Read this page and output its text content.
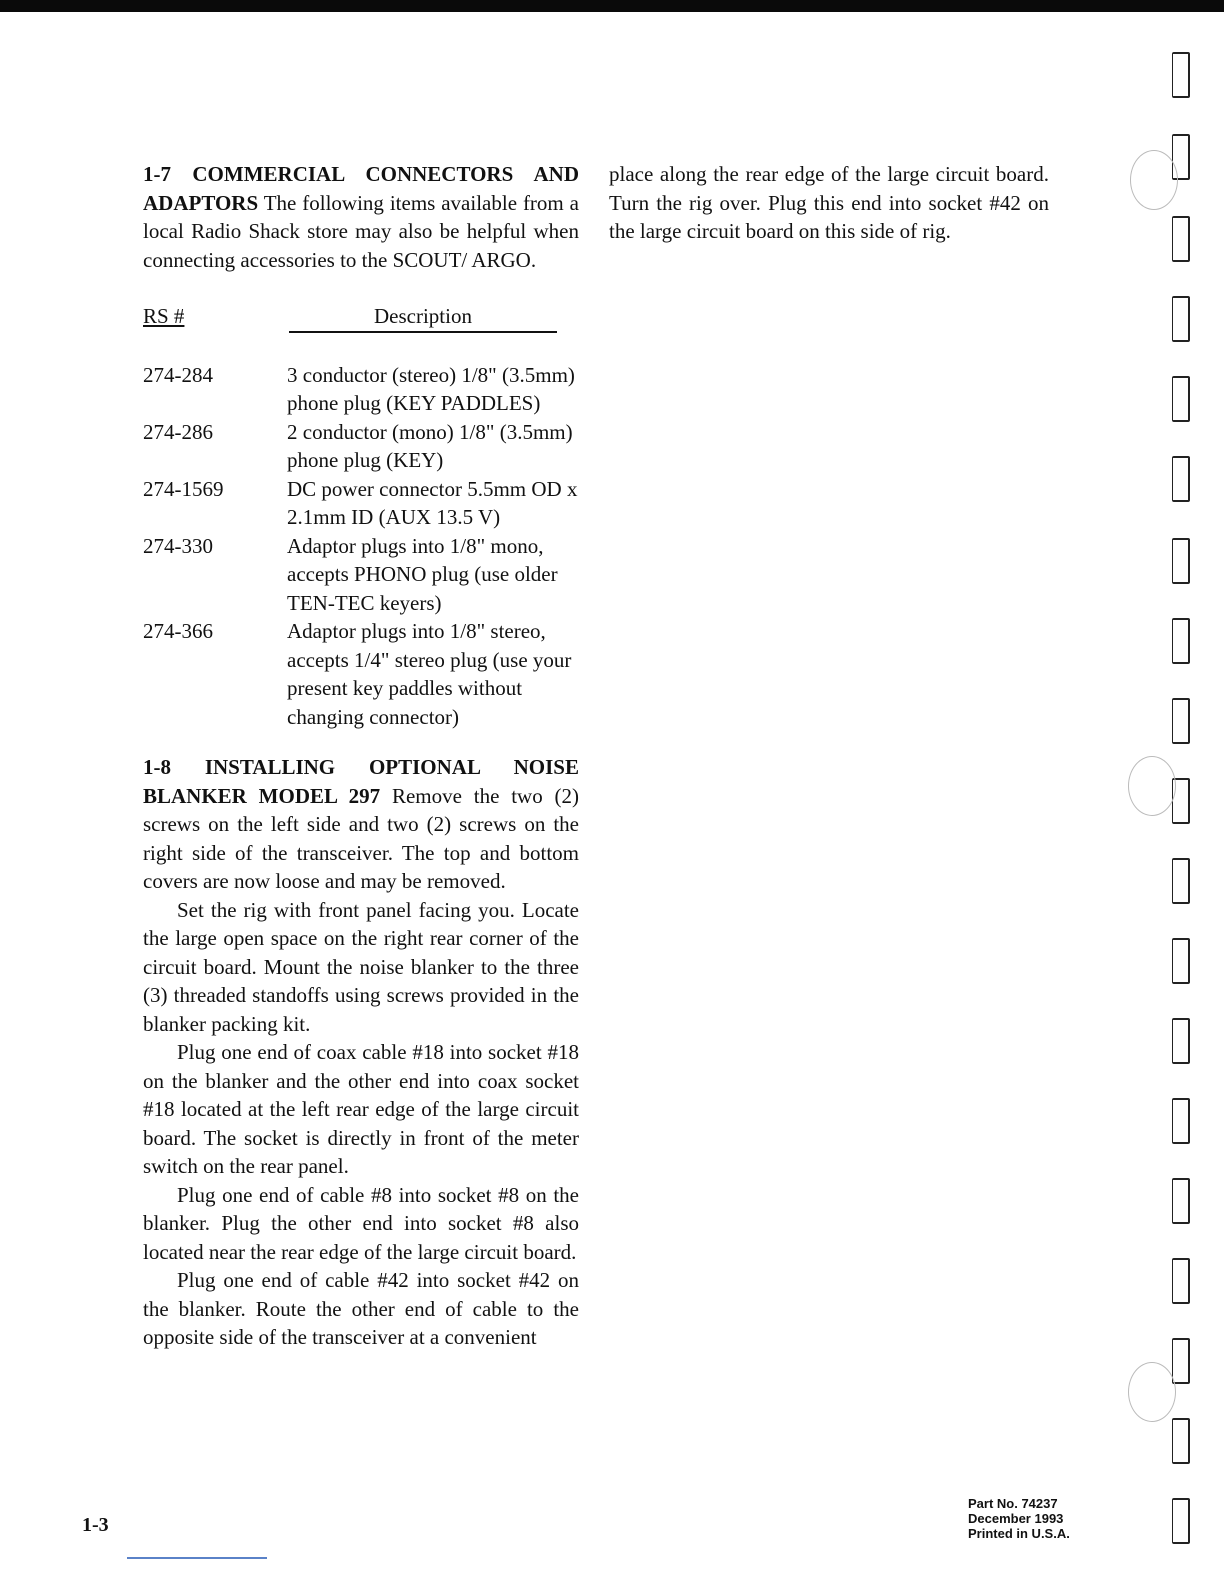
1-7 COMMERCIAL CONNECTORS AND ADAPTORS The following items available from a local Radio Shack store may also be helpful when connecting accessories to the SCOUT/ ARGO.

RS #	Description
274-284	3 conductor (stereo) 1/8" (3.5mm) phone plug (KEY PADDLES)
274-286	2 conductor (mono) 1/8" (3.5mm) phone plug (KEY)
274-1569	DC power connector 5.5mm OD x 2.1mm ID (AUX 13.5 V)
274-330	Adaptor plugs into 1/8" mono, accepts PHONO plug (use older TEN-TEC keyers)
274-366	Adaptor plugs into 1/8" stereo, accepts 1/4" stereo plug (use your present key paddles without changing connector)

1-8 INSTALLING OPTIONAL NOISE BLANKER MODEL 297 Remove the two (2) screws on the left side and two (2) screws on the right side of the transceiver. The top and bottom covers are now loose and may be removed.

Set the rig with front panel facing you. Locate the large open space on the right rear corner of the circuit board. Mount the noise blanker to the three (3) threaded standoffs using screws provided in the blanker packing kit.

Plug one end of coax cable #18 into socket #18 on the blanker and the other end into coax socket #18 located at the left rear edge of the large circuit board. The socket is directly in front of the meter switch on the rear panel.

Plug one end of cable #8 into socket #8 on the blanker. Plug the other end into socket #8 also located near the rear edge of the large circuit board.

Plug one end of cable #42 into socket #42 on the blanker. Route the other end of cable to the opposite side of the transceiver at a convenient

place along the rear edge of the large circuit board. Turn the rig over. Plug this end into socket #42 on the large circuit board on this side of rig.

1-3
Part No. 74237
December 1993
Printed in U.S.A.
